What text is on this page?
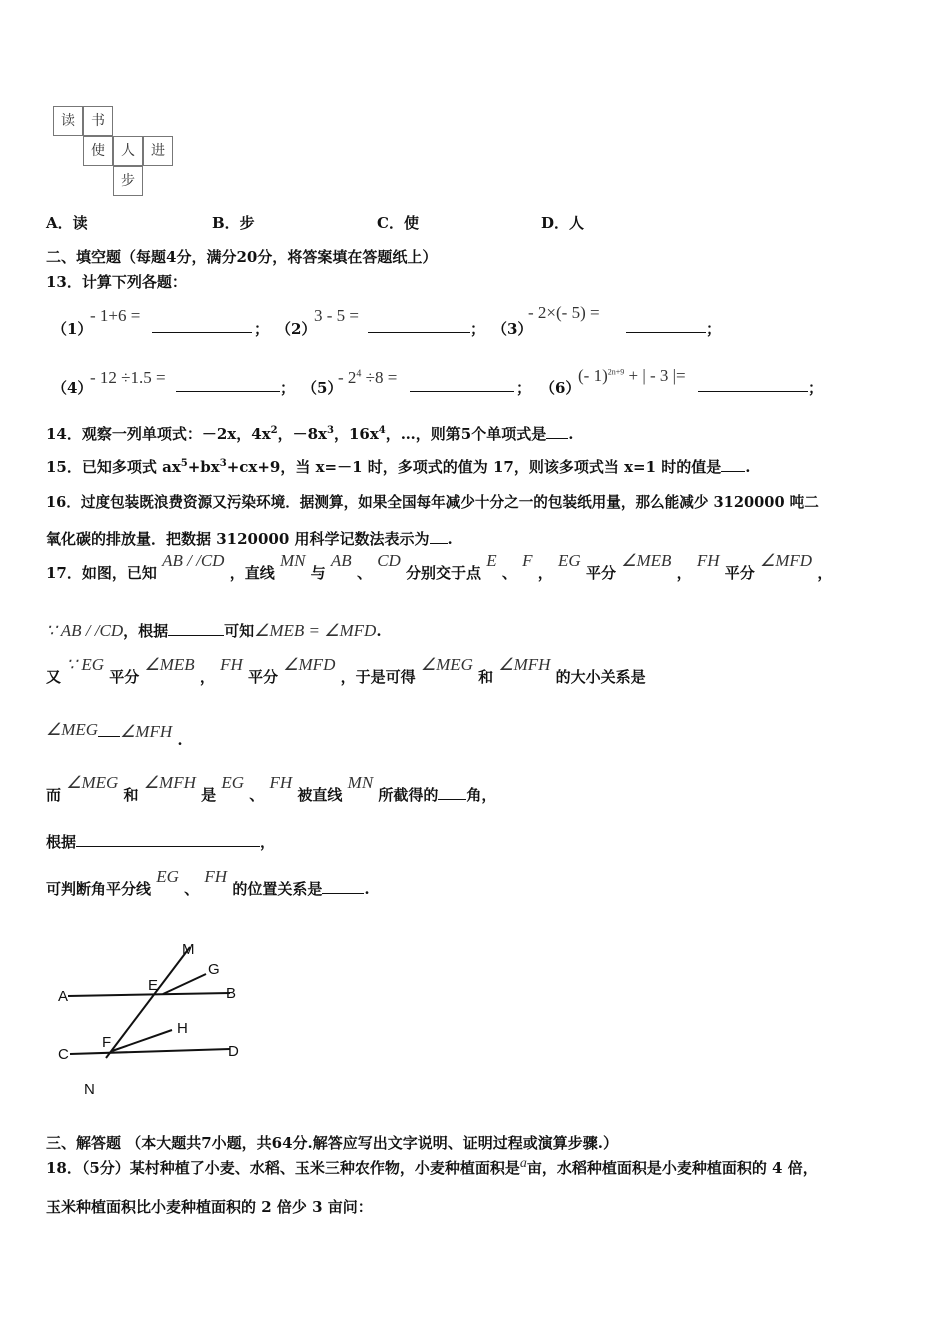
读	书
使	人	进
步
A．读	B．步	C．使	D．人
二、填空题（每题4分，满分20分，将答案填在答题纸上）
13．计算下列各题：
（1）
- 1+6 =
； （2）
3 - 5 =
； （3）
- 2×(- 5) =
；
（4）
- 12 ÷1.5 =
； （5）
- $2^4 \div 8$ =
； （6）
(- 1)$^{2n+9}$ + | - 3 |=
；
14．观察一列单项式：－2x，$4x^2$，$-8x^3$，$16x^4$，…，则第5个单项式是 .
15．已知多项式 $ax^5+bx^3+cx+9$，当 x=－1 时，多项式的值为 17，则该多项式当 x=1 时的值是 .
16．过度包装既浪费资源又污染环境．据测算，如果全国每年减少十分之一的包装纸用量，那么能减少 3120000 吨二
氧化碳的排放量．把数据 3120000 用科学记数法表示为 .
17．如图，已知 AB / /CD ，直线 MN 与 AB 、 CD 分别交于点 E 、 F ， EG 平分 ∠MEB ， FH 平分 ∠MFD ，
∵ AB / /CD，根据	可知∠MEB = ∠MFD.
又 ∵ EG 平分 ∠MEB ， FH 平分 ∠MFD ，于是可得 ∠MEG 和 ∠MFH 的大小关系是
∠MEG ∠MFH .
而 ∠MEG 和 ∠MFH 是 EG 、 FH 被直线 MN 所截得的 角，
根据	，
可判断角平分线 EG 、 FH 的位置关系是	.
M
G
E
A	B
H
F
C	D
N
三、解答题 （本大题共7小题，共64分.解答应写出文字说明、证明过程或演算步骤.）
18．（5分）某村种植了小麦、水稻、玉米三种农作物，小麦种植面积是a亩，水稻种植面积是小麦种植面积的 4 倍，
玉米种植面积比小麦种植面积的 2 倍少 3 亩问：
